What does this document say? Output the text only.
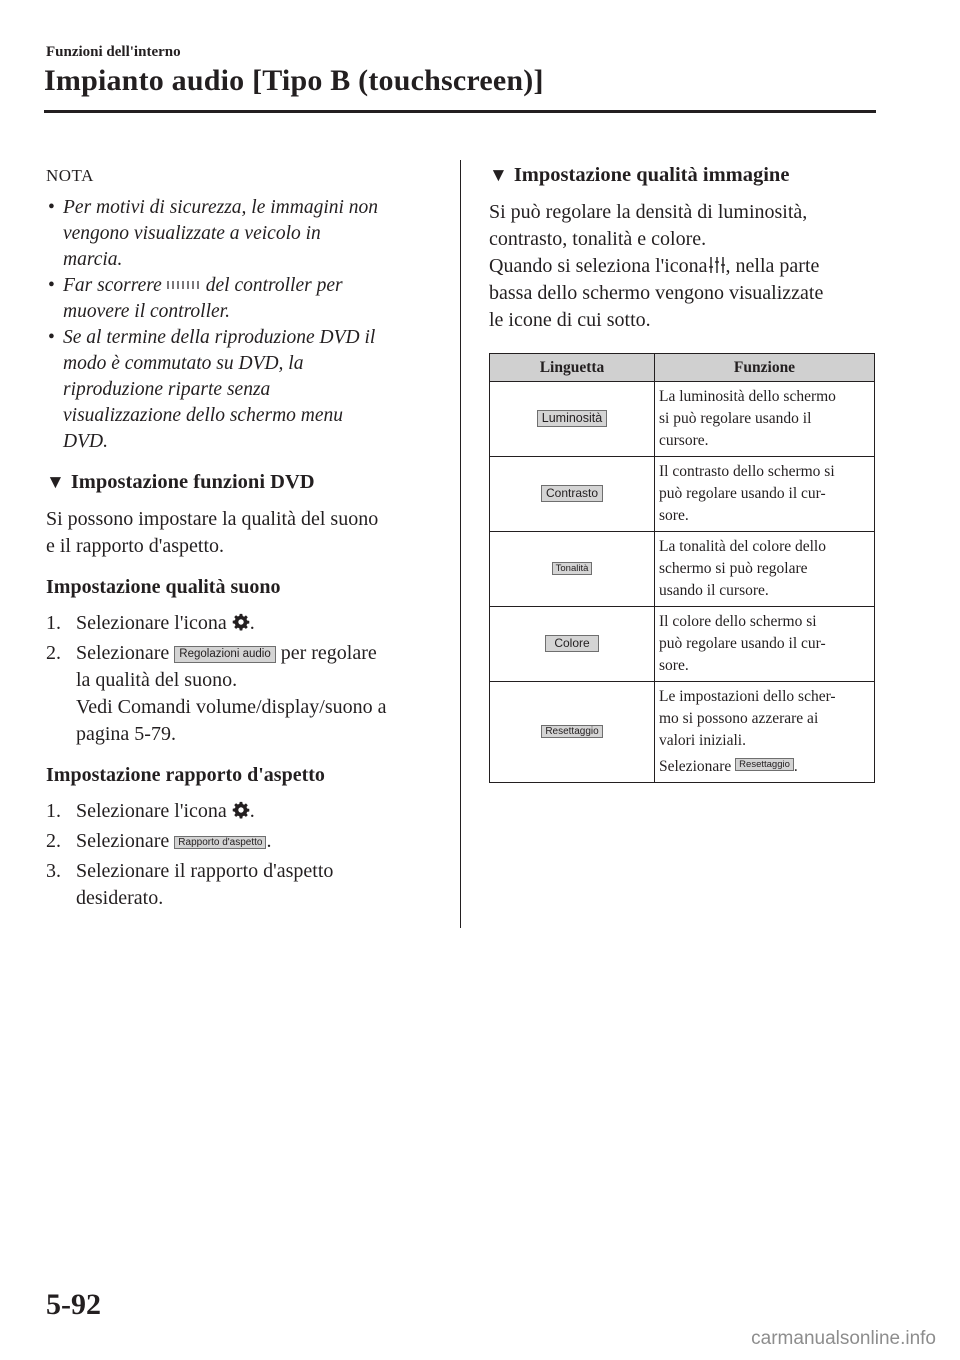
Funzioni dell'interno
Impianto audio [Tipo B (touchscreen)]
NOTA
• Per motivi di sicurezza, le immagini non
vengono visualizzate a veicolo in
marcia.
• Far scorrere del controller per
muovere il controller.
• Se al termine della riproduzione DVD il
modo è commutato su DVD, la
riproduzione riparte senza
visualizzazione dello schermo menu
DVD.
▼ Impostazione funzioni DVD
Si possono impostare la qualità del suono
e il rapporto d'aspetto.
Impostazione qualità suono
1. Selezionare l'icona .
2. Selezionare Regolazioni audio per regolare
la qualità del suono.
Vedi Comandi volume/display/suono a
pagina 5-79.
Impostazione rapporto d'aspetto
1. Selezionare l'icona .
2. Selezionare Rapporto d'aspetto .
3. Selezionare il rapporto d'aspetto
desiderato.
▼ Impostazione qualità immagine
Si può regolare la densità di luminosità,
contrasto, tonalità e colore.
Quando si seleziona l'icona , nella parte
bassa dello schermo vengono visualizzate
le icone di cui sotto.
Linguetta	Funzione
Luminosità	La luminosità dello schermo
si può regolare usando il
cursore.

Contrasto	Il contrasto dello schermo si
può regolare usando il cur-
sore.

Tonalità	La tonalità del colore dello
schermo si può regolare
usando il cursore.

Colore	Il colore dello schermo si
può regolare usando il cur-
sore.

Resettaggio	Le impostazioni dello scher-
mo si possono azzerare ai
valori iniziali.
Selezionare Resettaggio .
5-92
carmanualsonline.info
